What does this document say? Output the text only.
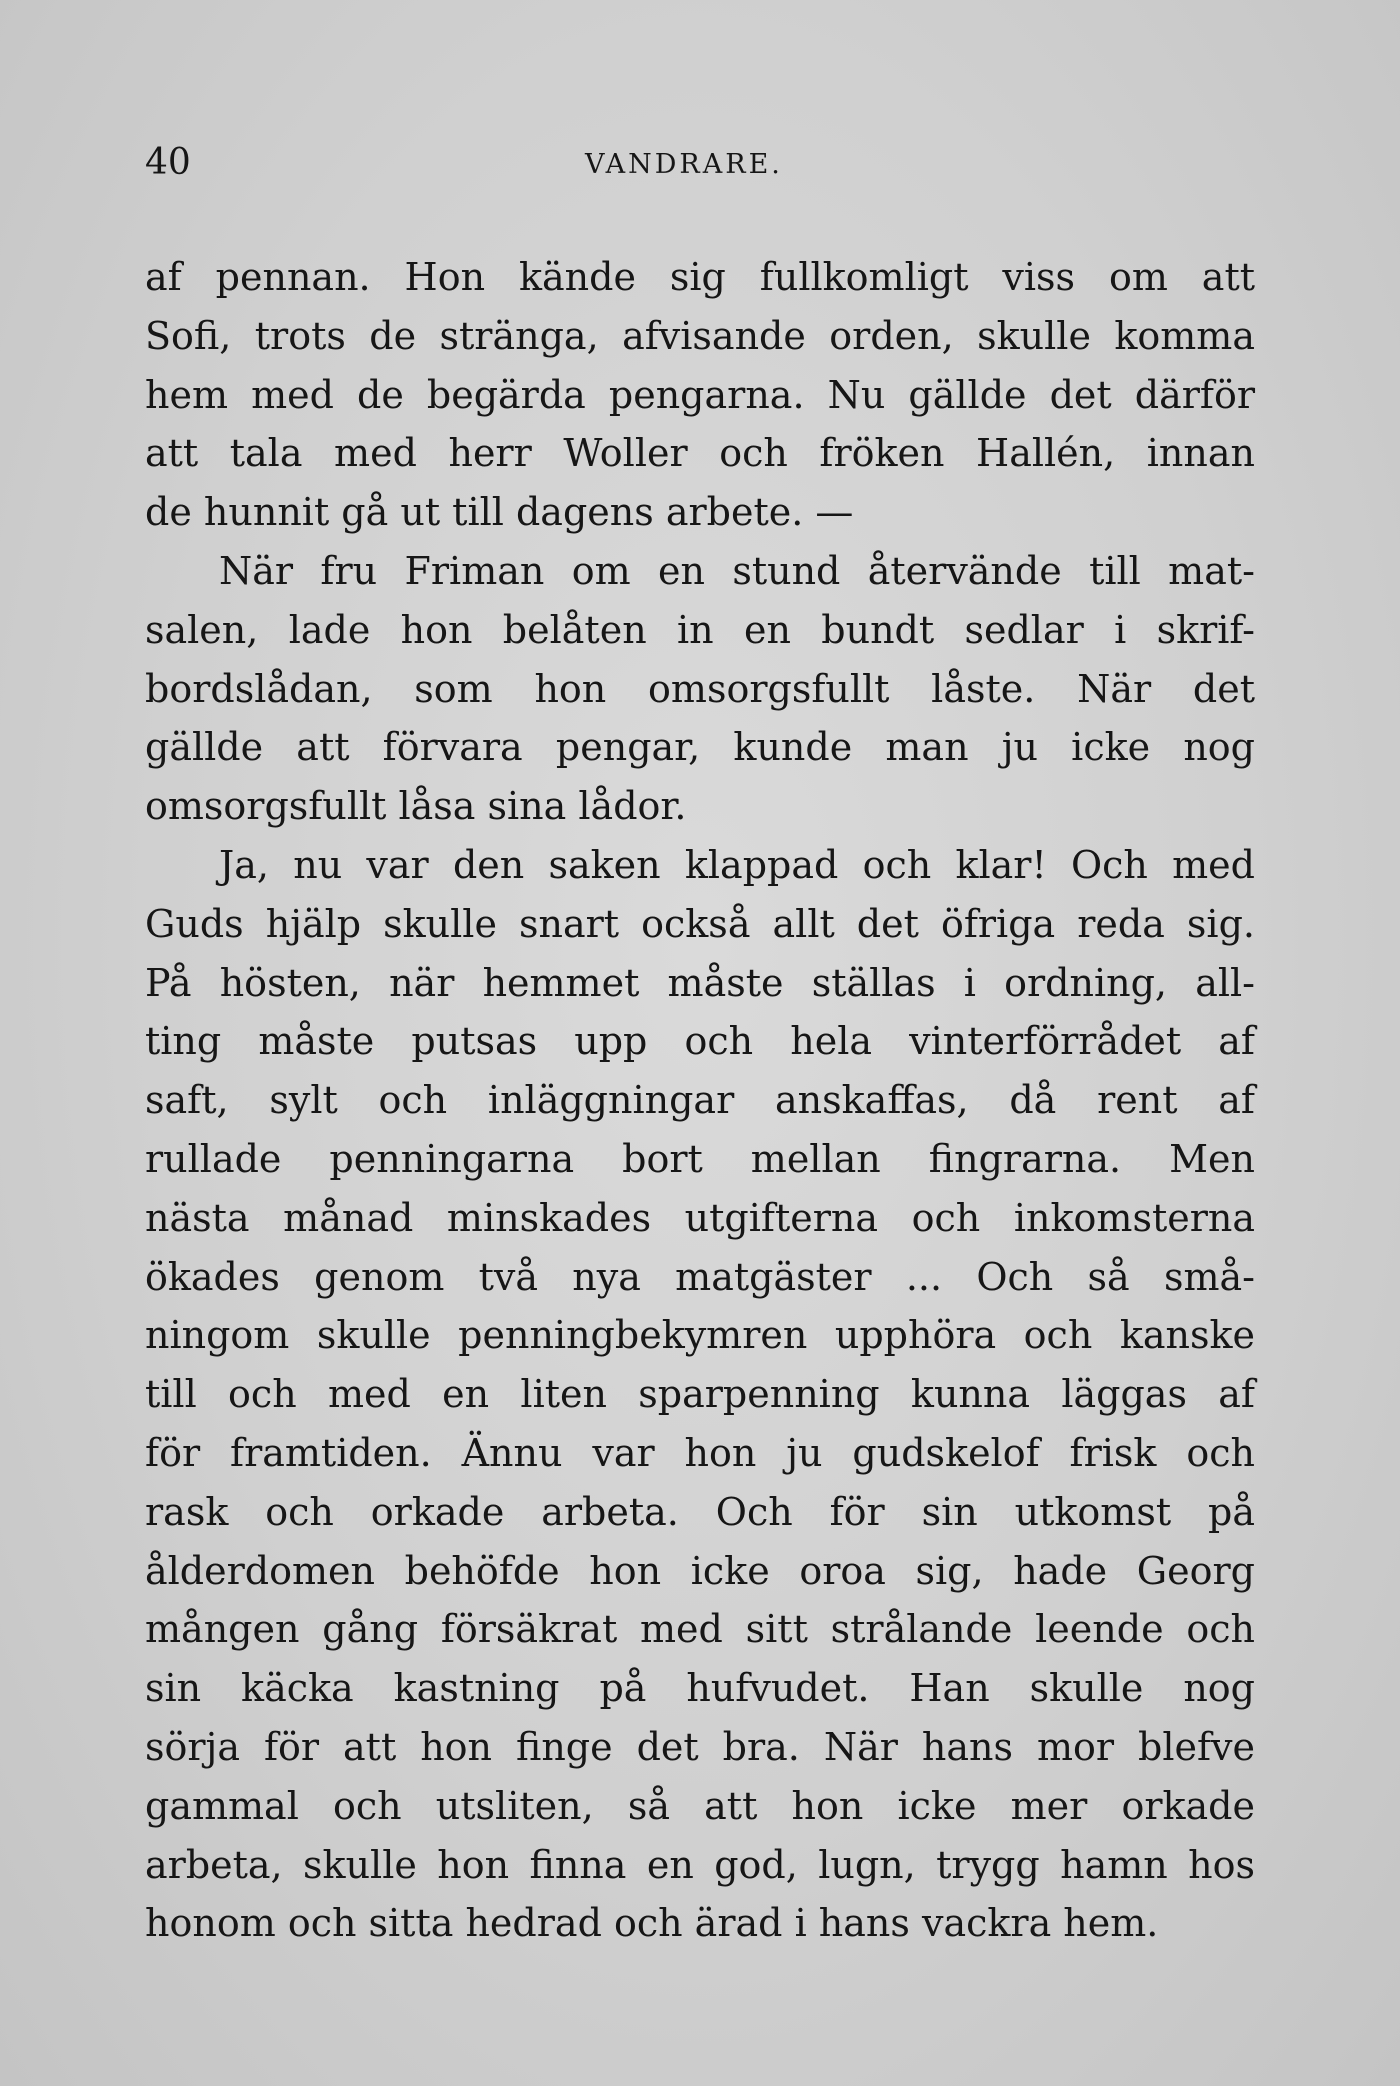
40	VANDRARE.
af pennan. Hon kände sig fullkomligt viss om att
Sofi, trots de stränga, afvisande orden, skulle komma
hem med de begärda pengarna. Nu gällde det därför
att tala med herr Woller och fröken Hallén, innan
de hunnit gå ut till dagens arbete. —
När fru Friman om en stund återvände till mat-
salen, lade hon belåten in en bundt sedlar i skrif-
bordslådan, som hon omsorgsfullt låste. När det
gällde att förvara pengar, kunde man ju icke nog
omsorgsfullt låsa sina lådor.
Ja, nu var den saken klappad och klar! Och med
Guds hjälp skulle snart också allt det öfriga reda sig.
På hösten, när hemmet måste ställas i ordning, all-
ting måste putsas upp och hela vinterförrådet af
saft, sylt och inläggningar anskaffas, då rent af
rullade penningarna bort mellan fingrarna. Men
nästa månad minskades utgifterna och inkomsterna
ökades genom två nya matgäster ... Och så små-
ningom skulle penningbekymren upphöra och kanske
till och med en liten sparpenning kunna läggas af
för framtiden. Ännu var hon ju gudskelof frisk och
rask och orkade arbeta. Och för sin utkomst på
ålderdomen behöfde hon icke oroa sig, hade Georg
mången gång försäkrat med sitt strålande leende och
sin käcka kastning på hufvudet. Han skulle nog
sörja för att hon finge det bra. När hans mor blefve
gammal och utsliten, så att hon icke mer orkade
arbeta, skulle hon finna en god, lugn, trygg hamn hos
honom och sitta hedrad och ärad i hans vackra hem.
